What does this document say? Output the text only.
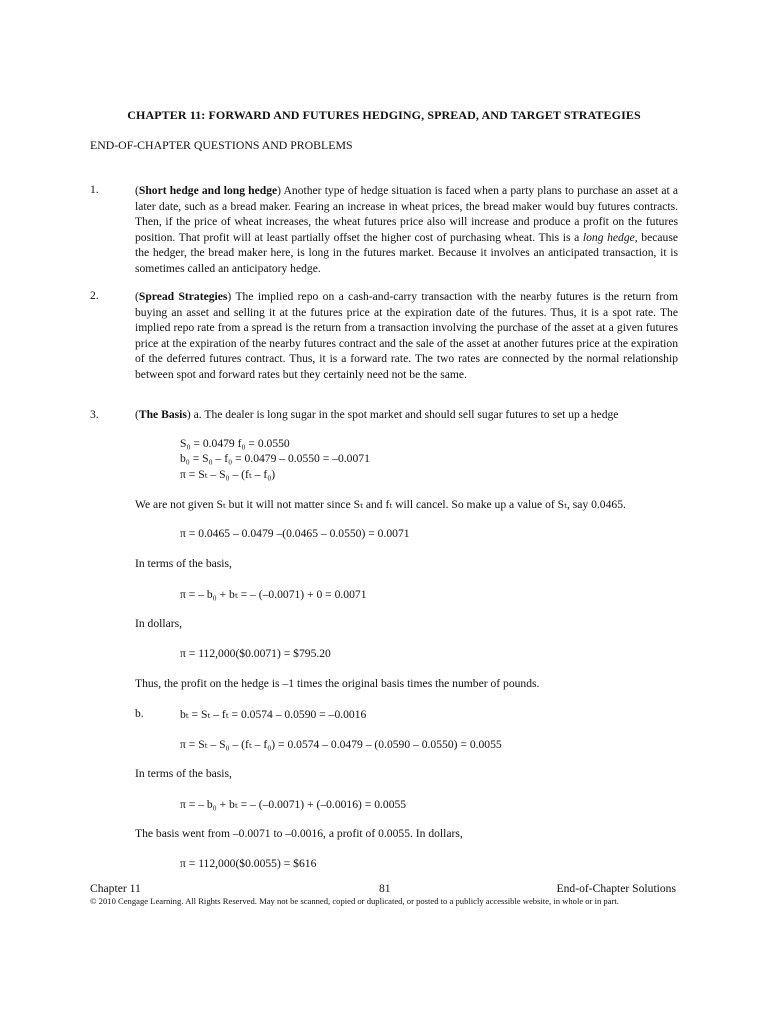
CHAPTER 11: FORWARD AND FUTURES HEDGING, SPREAD, AND TARGET STRATEGIES
END-OF-CHAPTER QUESTIONS AND PROBLEMS
1.	(Short hedge and long hedge) Another type of hedge situation is faced when a party plans to purchase an asset at a later date, such as a bread maker. Fearing an increase in wheat prices, the bread maker would buy futures contracts. Then, if the price of wheat increases, the wheat futures price also will increase and produce a profit on the futures position. That profit will at least partially offset the higher cost of purchasing wheat. This is a long hedge, because the hedger, the bread maker here, is long in the futures market. Because it involves an anticipated transaction, it is sometimes called an anticipatory hedge.
2.	(Spread Strategies) The implied repo on a cash-and-carry transaction with the nearby futures is the return from buying an asset and selling it at the futures price at the expiration date of the futures. Thus, it is a spot rate. The implied repo rate from a spread is the return from a transaction involving the purchase of the asset at a given futures price at the expiration of the nearby futures contract and the sale of the asset at another futures price at the expiration of the deferred futures contract. Thus, it is a forward rate. The two rates are connected by the normal relationship between spot and forward rates but they certainly need not be the same.
3.	(The Basis) a. The dealer is long sugar in the spot market and should sell sugar futures to set up a hedge
S₀ = 0.0479 f₀ = 0.0550
b₀ = S₀ – f₀ = 0.0479 – 0.0550 = –0.0071
π = Sₜ – S₀ – (fₜ – f₀)
We are not given Sₜ but it will not matter since Sₜ and fₜ will cancel. So make up a value of Sₜ, say 0.0465.
π = 0.0465 – 0.0479 –(0.0465 – 0.0550) = 0.0071
In terms of the basis,
π = – b₀ + bₜ = – (–0.0071) + 0 = 0.0071
In dollars,
π = 112,000($0.0071) = $795.20
Thus, the profit on the hedge is –1 times the original basis times the number of pounds.
b.	bₜ = Sₜ – fₜ = 0.0574 – 0.0590 = –0.0016
π = Sₜ – S₀ – (fₜ – f₀) = 0.0574 – 0.0479 – (0.0590 – 0.0550) = 0.0055
In terms of the basis,
π = – b₀ + bₜ = – (–0.0071) + (–0.0016) = 0.0055
The basis went from –0.0071 to –0.0016, a profit of 0.0055. In dollars,
π = 112,000($0.0055) = $616
Chapter 11	81	End-of-Chapter Solutions
© 2010 Cengage Learning. All Rights Reserved. May not be scanned, copied or duplicated, or posted to a publicly accessible website, in whole or in part.
